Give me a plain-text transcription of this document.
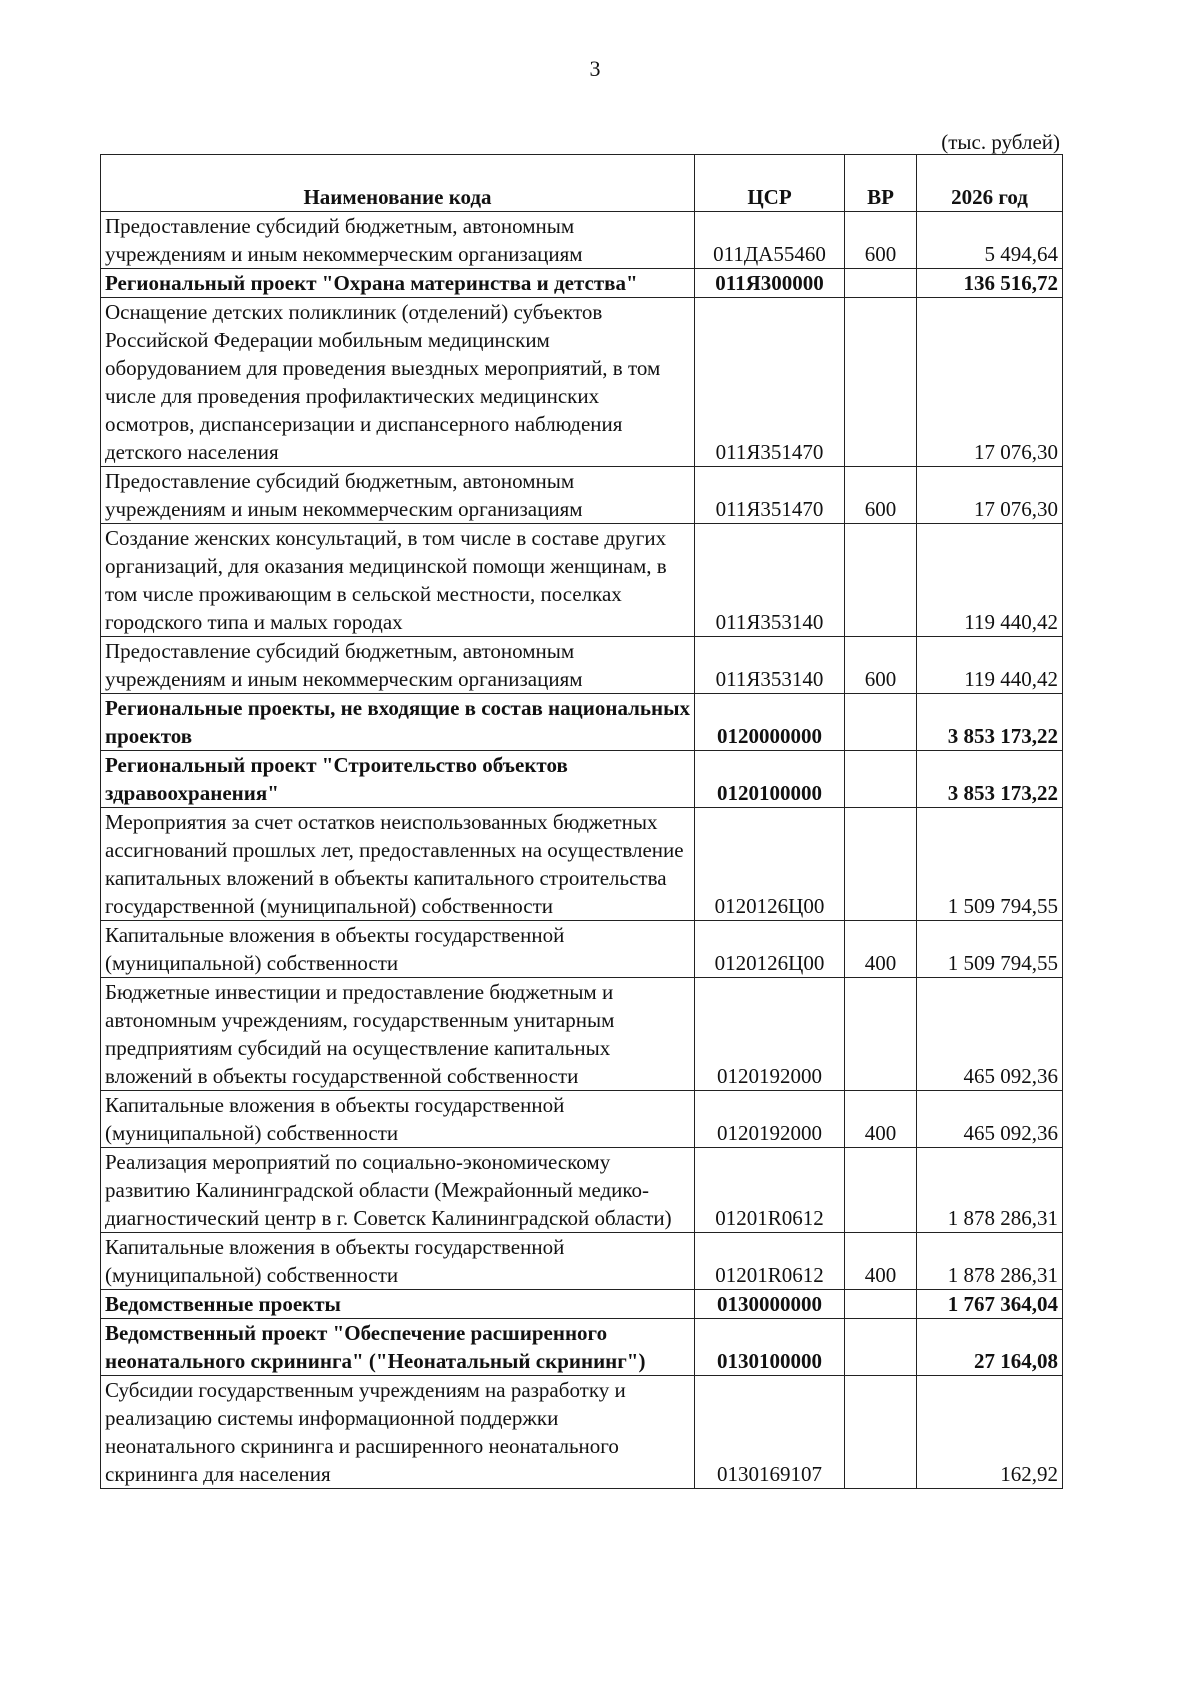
3
(тыс. рублей)
Наименование кода	ЦСР	ВР	2026 год
Предоставление субсидий бюджетным, автономным учреждениям и иным некоммерческим организациям	011ДА55460	600	5 494,64
Региональный проект "Охрана материнства и детства"	011Я300000		136 516,72
Оснащение детских поликлиник (отделений) субъектов Российской Федерации мобильным медицинским оборудованием для проведения выездных мероприятий, в том числе для проведения профилактических медицинских осмотров, диспансеризации и диспансерного наблюдения детского населения	011Я351470		17 076,30
Предоставление субсидий бюджетным, автономным учреждениям и иным некоммерческим организациям	011Я351470	600	17 076,30
Создание женских консультаций, в том числе в составе других организаций, для оказания медицинской помощи женщинам, в том числе проживающим в сельской местности, поселках городского типа и малых городах	011Я353140		119 440,42
Предоставление субсидий бюджетным, автономным учреждениям и иным некоммерческим организациям	011Я353140	600	119 440,42
Региональные проекты, не входящие в состав национальных проектов	0120000000		3 853 173,22
Региональный проект "Строительство объектов здравоохранения"	0120100000		3 853 173,22
Мероприятия за счет остатков неиспользованных бюджетных ассигнований прошлых лет, предоставленных на осуществление капитальных вложений в объекты капитального строительства государственной (муниципальной) собственности	0120126Ц00		1 509 794,55
Капитальные вложения в объекты государственной (муниципальной) собственности	0120126Ц00	400	1 509 794,55
Бюджетные инвестиции и предоставление бюджетным и автономным учреждениям, государственным унитарным предприятиям субсидий на осуществление капитальных вложений в объекты государственной собственности	0120192000		465 092,36
Капитальные вложения в объекты государственной (муниципальной) собственности	0120192000	400	465 092,36
Реализация мероприятий по социально-экономическому развитию Калининградской области (Межрайонный медико-диагностический центр в г. Советск Калининградской области)	01201R0612		1 878 286,31
Капитальные вложения в объекты государственной (муниципальной) собственности	01201R0612	400	1 878 286,31
Ведомственные проекты	0130000000		1 767 364,04
Ведомственный проект "Обеспечение расширенного неонатального скрининга" ("Неонатальный скрининг")	0130100000		27 164,08
Субсидии государственным учреждениям на разработку и реализацию системы информационной поддержки неонатального скрининга и расширенного неонатального скрининга для населения	0130169107		162,92
